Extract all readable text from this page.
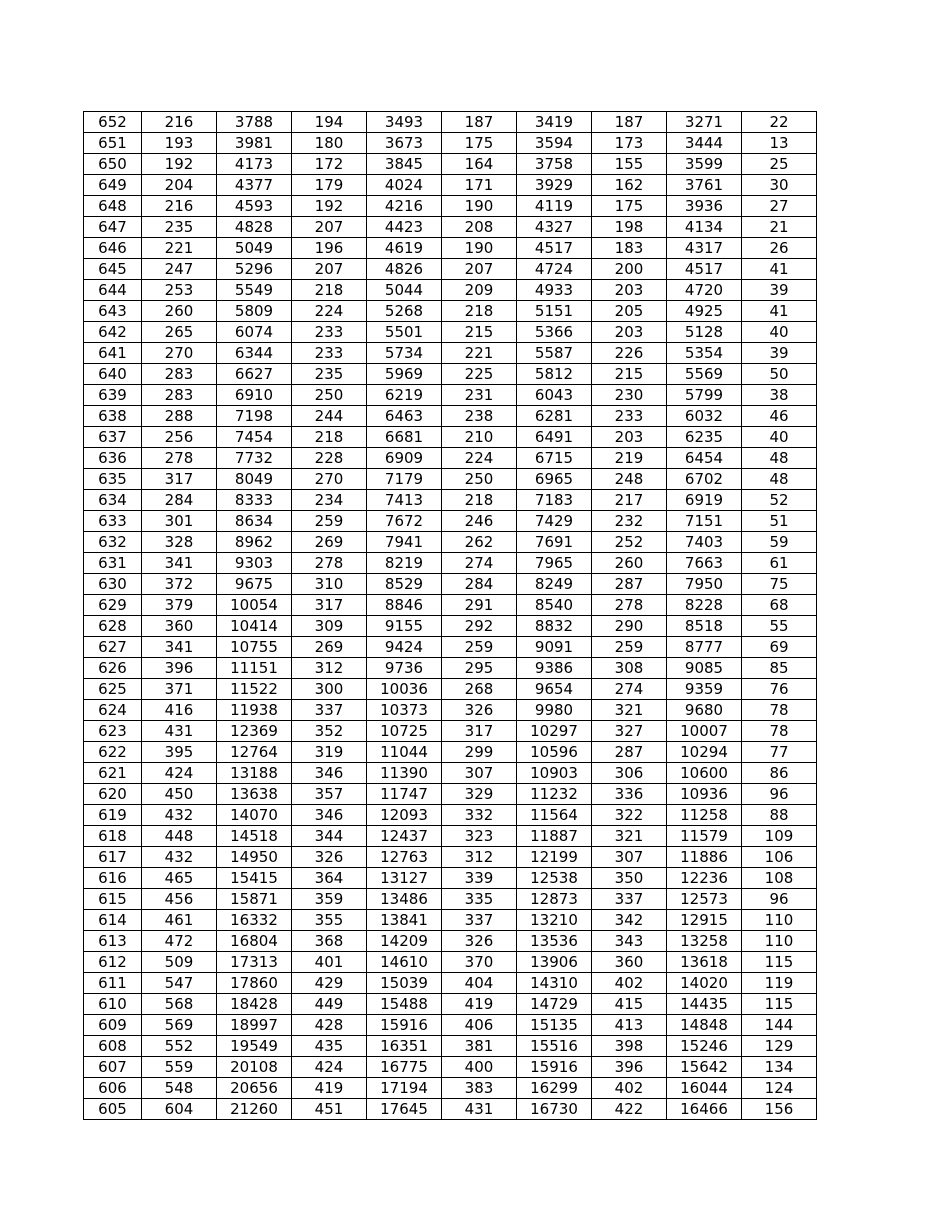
652	216	3788	194	3493	187	3419	187	3271	22
651	193	3981	180	3673	175	3594	173	3444	13
650	192	4173	172	3845	164	3758	155	3599	25
649	204	4377	179	4024	171	3929	162	3761	30
648	216	4593	192	4216	190	4119	175	3936	27
647	235	4828	207	4423	208	4327	198	4134	21
646	221	5049	196	4619	190	4517	183	4317	26
645	247	5296	207	4826	207	4724	200	4517	41
644	253	5549	218	5044	209	4933	203	4720	39
643	260	5809	224	5268	218	5151	205	4925	41
642	265	6074	233	5501	215	5366	203	5128	40
641	270	6344	233	5734	221	5587	226	5354	39
640	283	6627	235	5969	225	5812	215	5569	50
639	283	6910	250	6219	231	6043	230	5799	38
638	288	7198	244	6463	238	6281	233	6032	46
637	256	7454	218	6681	210	6491	203	6235	40
636	278	7732	228	6909	224	6715	219	6454	48
635	317	8049	270	7179	250	6965	248	6702	48
634	284	8333	234	7413	218	7183	217	6919	52
633	301	8634	259	7672	246	7429	232	7151	51
632	328	8962	269	7941	262	7691	252	7403	59
631	341	9303	278	8219	274	7965	260	7663	61
630	372	9675	310	8529	284	8249	287	7950	75
629	379	10054	317	8846	291	8540	278	8228	68
628	360	10414	309	9155	292	8832	290	8518	55
627	341	10755	269	9424	259	9091	259	8777	69
626	396	11151	312	9736	295	9386	308	9085	85
625	371	11522	300	10036	268	9654	274	9359	76
624	416	11938	337	10373	326	9980	321	9680	78
623	431	12369	352	10725	317	10297	327	10007	78
622	395	12764	319	11044	299	10596	287	10294	77
621	424	13188	346	11390	307	10903	306	10600	86
620	450	13638	357	11747	329	11232	336	10936	96
619	432	14070	346	12093	332	11564	322	11258	88
618	448	14518	344	12437	323	11887	321	11579	109
617	432	14950	326	12763	312	12199	307	11886	106
616	465	15415	364	13127	339	12538	350	12236	108
615	456	15871	359	13486	335	12873	337	12573	96
614	461	16332	355	13841	337	13210	342	12915	110
613	472	16804	368	14209	326	13536	343	13258	110
612	509	17313	401	14610	370	13906	360	13618	115
611	547	17860	429	15039	404	14310	402	14020	119
610	568	18428	449	15488	419	14729	415	14435	115
609	569	18997	428	15916	406	15135	413	14848	144
608	552	19549	435	16351	381	15516	398	15246	129
607	559	20108	424	16775	400	15916	396	15642	134
606	548	20656	419	17194	383	16299	402	16044	124
605	604	21260	451	17645	431	16730	422	16466	156
